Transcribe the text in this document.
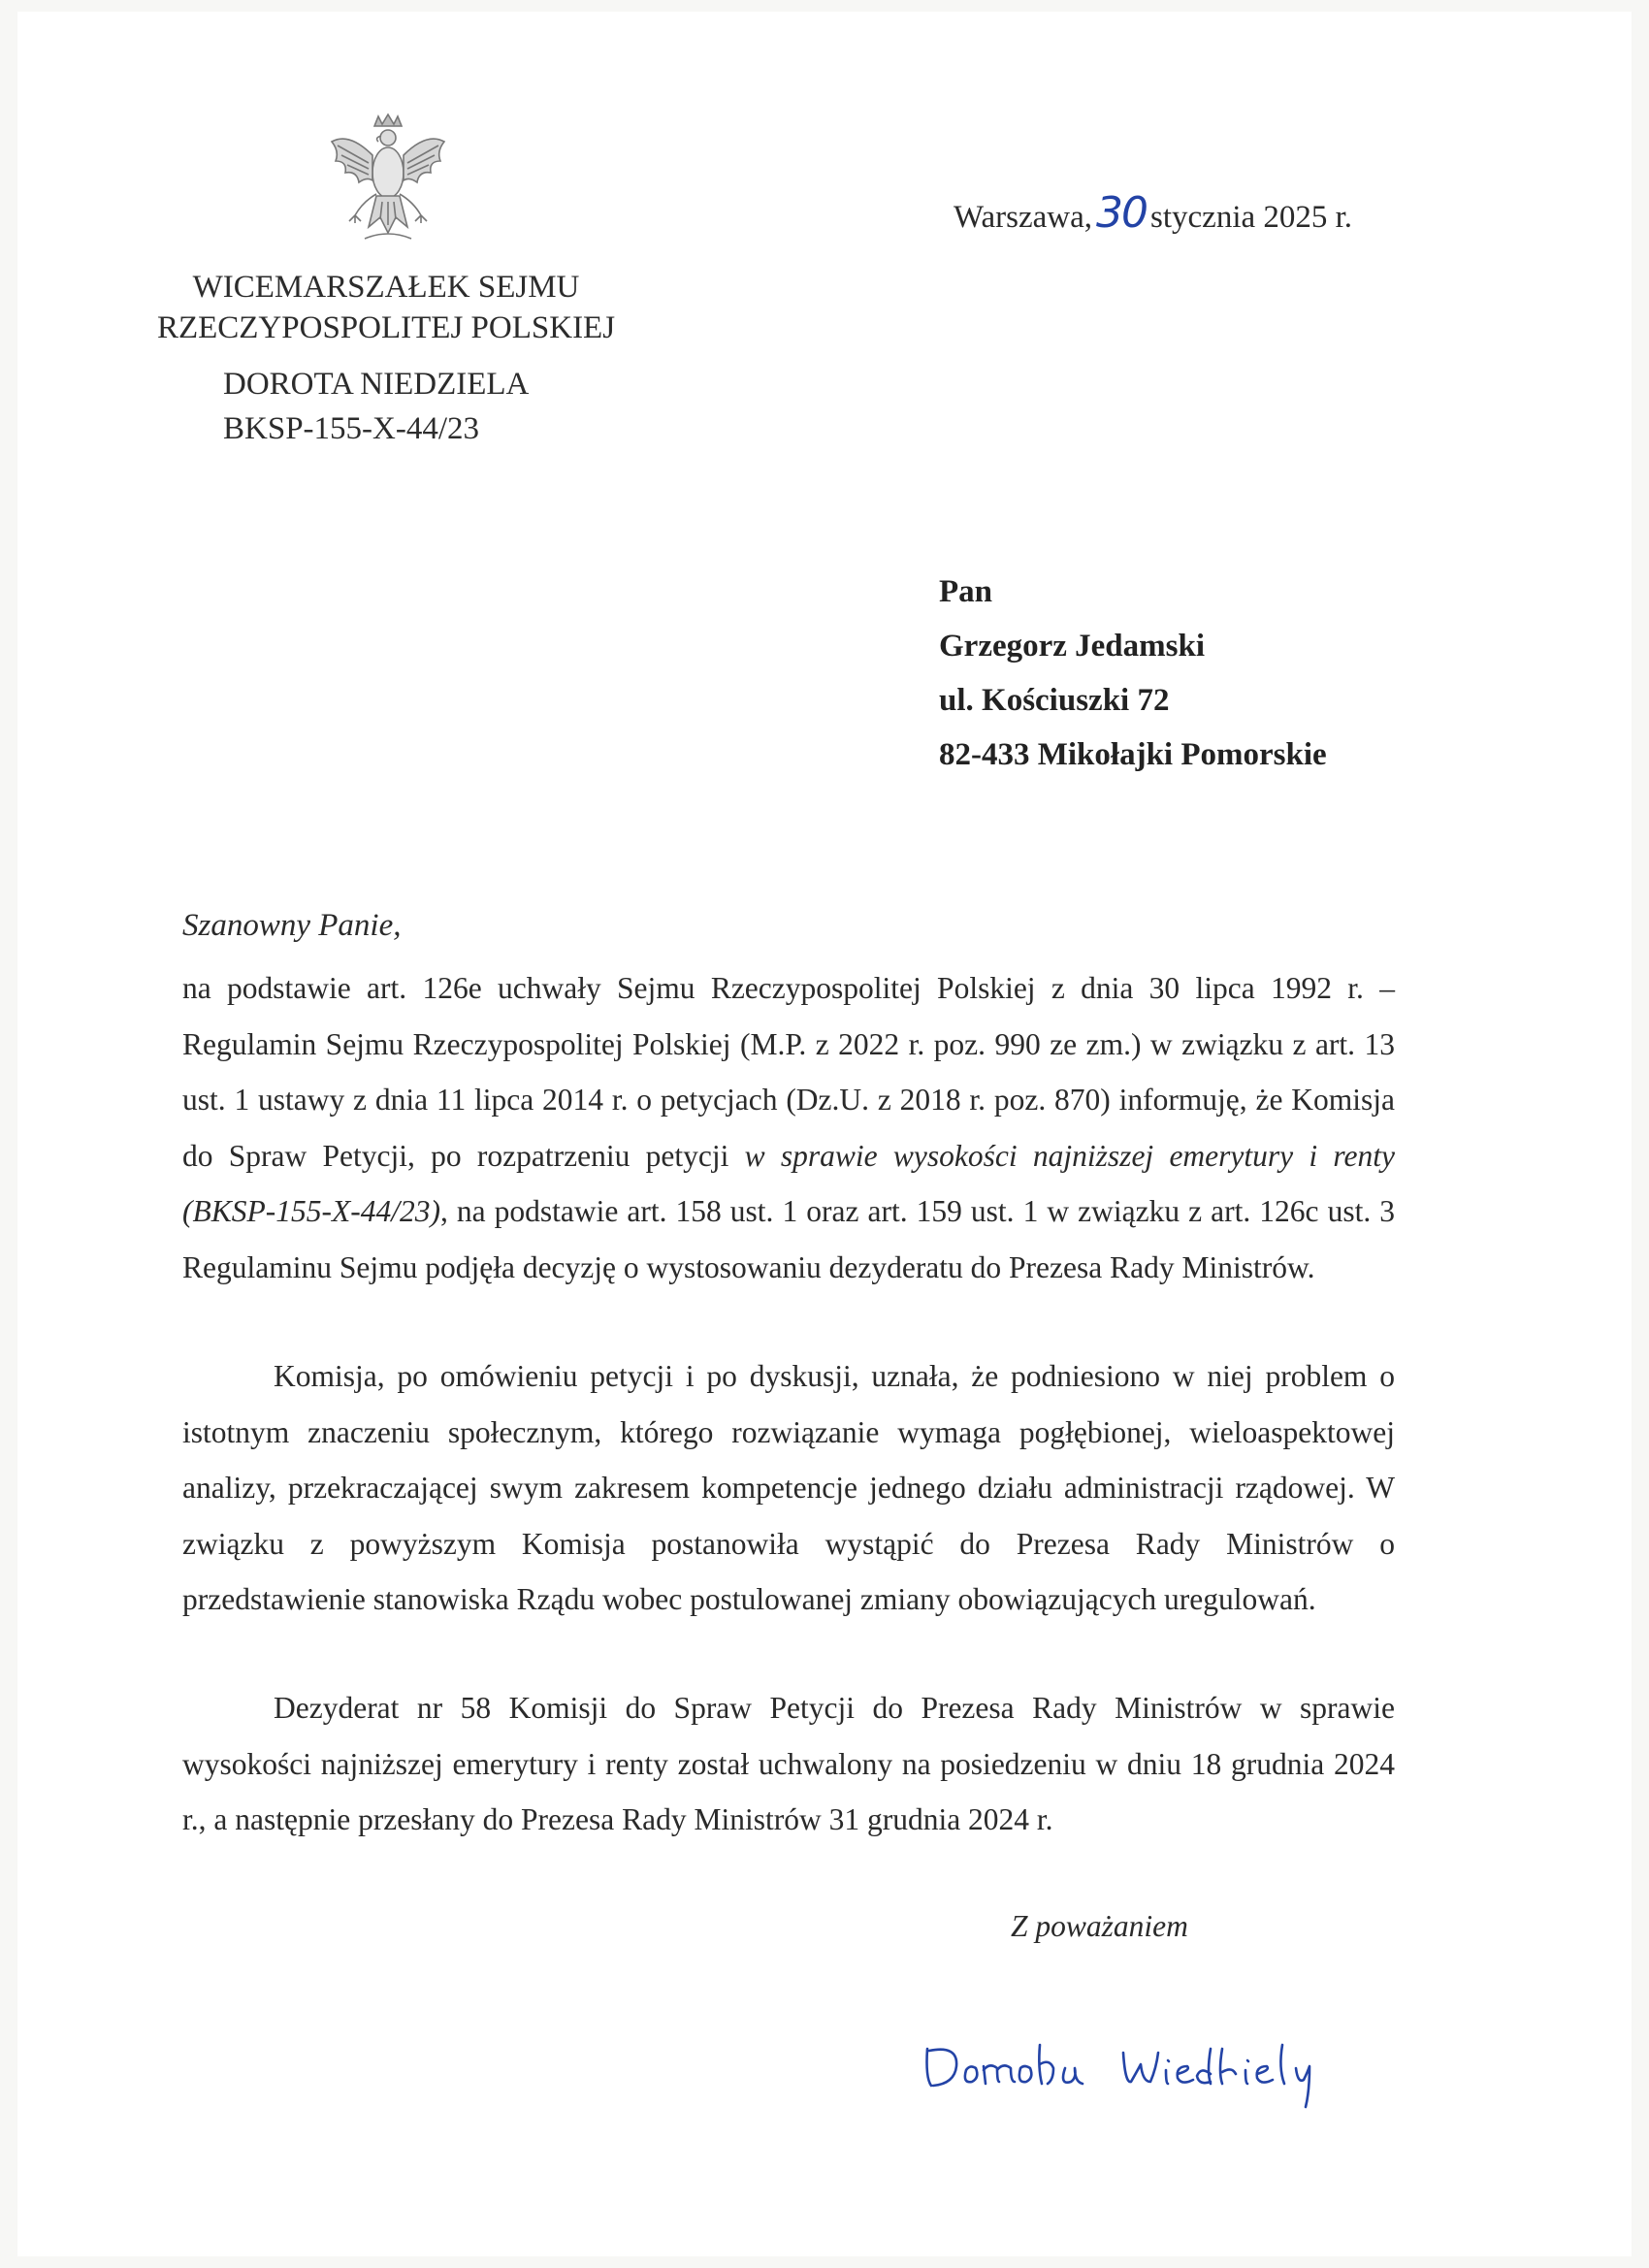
WICEMARSZAŁEK SEJMU
RZECZYPOSPOLITEJ POLSKIEJ
DOROTA NIEDZIELA
BKSP-155-X-44/23
Warszawa,30 stycznia 2025 r.
Pan
Grzegorz Jedamski
ul. Kościuszki 72
82-433 Mikołajki Pomorskie
Szanowny Panie,

na podstawie art. 126e uchwały Sejmu Rzeczypospolitej Polskiej z dnia 30 lipca 1992 r. – Regulamin Sejmu Rzeczypospolitej Polskiej (M.P. z 2022 r. poz. 990 ze zm.) w związku z art. 13 ust. 1 ustawy z dnia 11 lipca 2014 r. o petycjach (Dz.U. z 2018 r. poz. 870) informuję, że Komisja do Spraw Petycji, po rozpatrzeniu petycji w sprawie wysokości najniższej emerytury i renty (BKSP-155-X-44/23), na podstawie art. 158 ust. 1 oraz art. 159 ust. 1 w związku z art. 126c ust. 3 Regulaminu Sejmu podjęła decyzję o wystosowaniu dezyderatu do Prezesa Rady Ministrów.

Komisja, po omówieniu petycji i po dyskusji, uznała, że podniesiono w niej problem o istotnym znaczeniu społecznym, którego rozwiązanie wymaga pogłębionej, wieloaspektowej analizy, przekraczającej swym zakresem kompetencje jednego działu administracji rządowej. W związku z powyższym Komisja postanowiła wystąpić do Prezesa Rady Ministrów o przedstawienie stanowiska Rządu wobec postulowanej zmiany obowiązujących uregulowań.

Dezyderat nr 58 Komisji do Spraw Petycji do Prezesa Rady Ministrów w sprawie wysokości najniższej emerytury i renty został uchwalony na posiedzeniu w dniu 18 grudnia 2024 r., a następnie przesłany do Prezesa Rady Ministrów 31 grudnia 2024 r.

Z poważaniem
